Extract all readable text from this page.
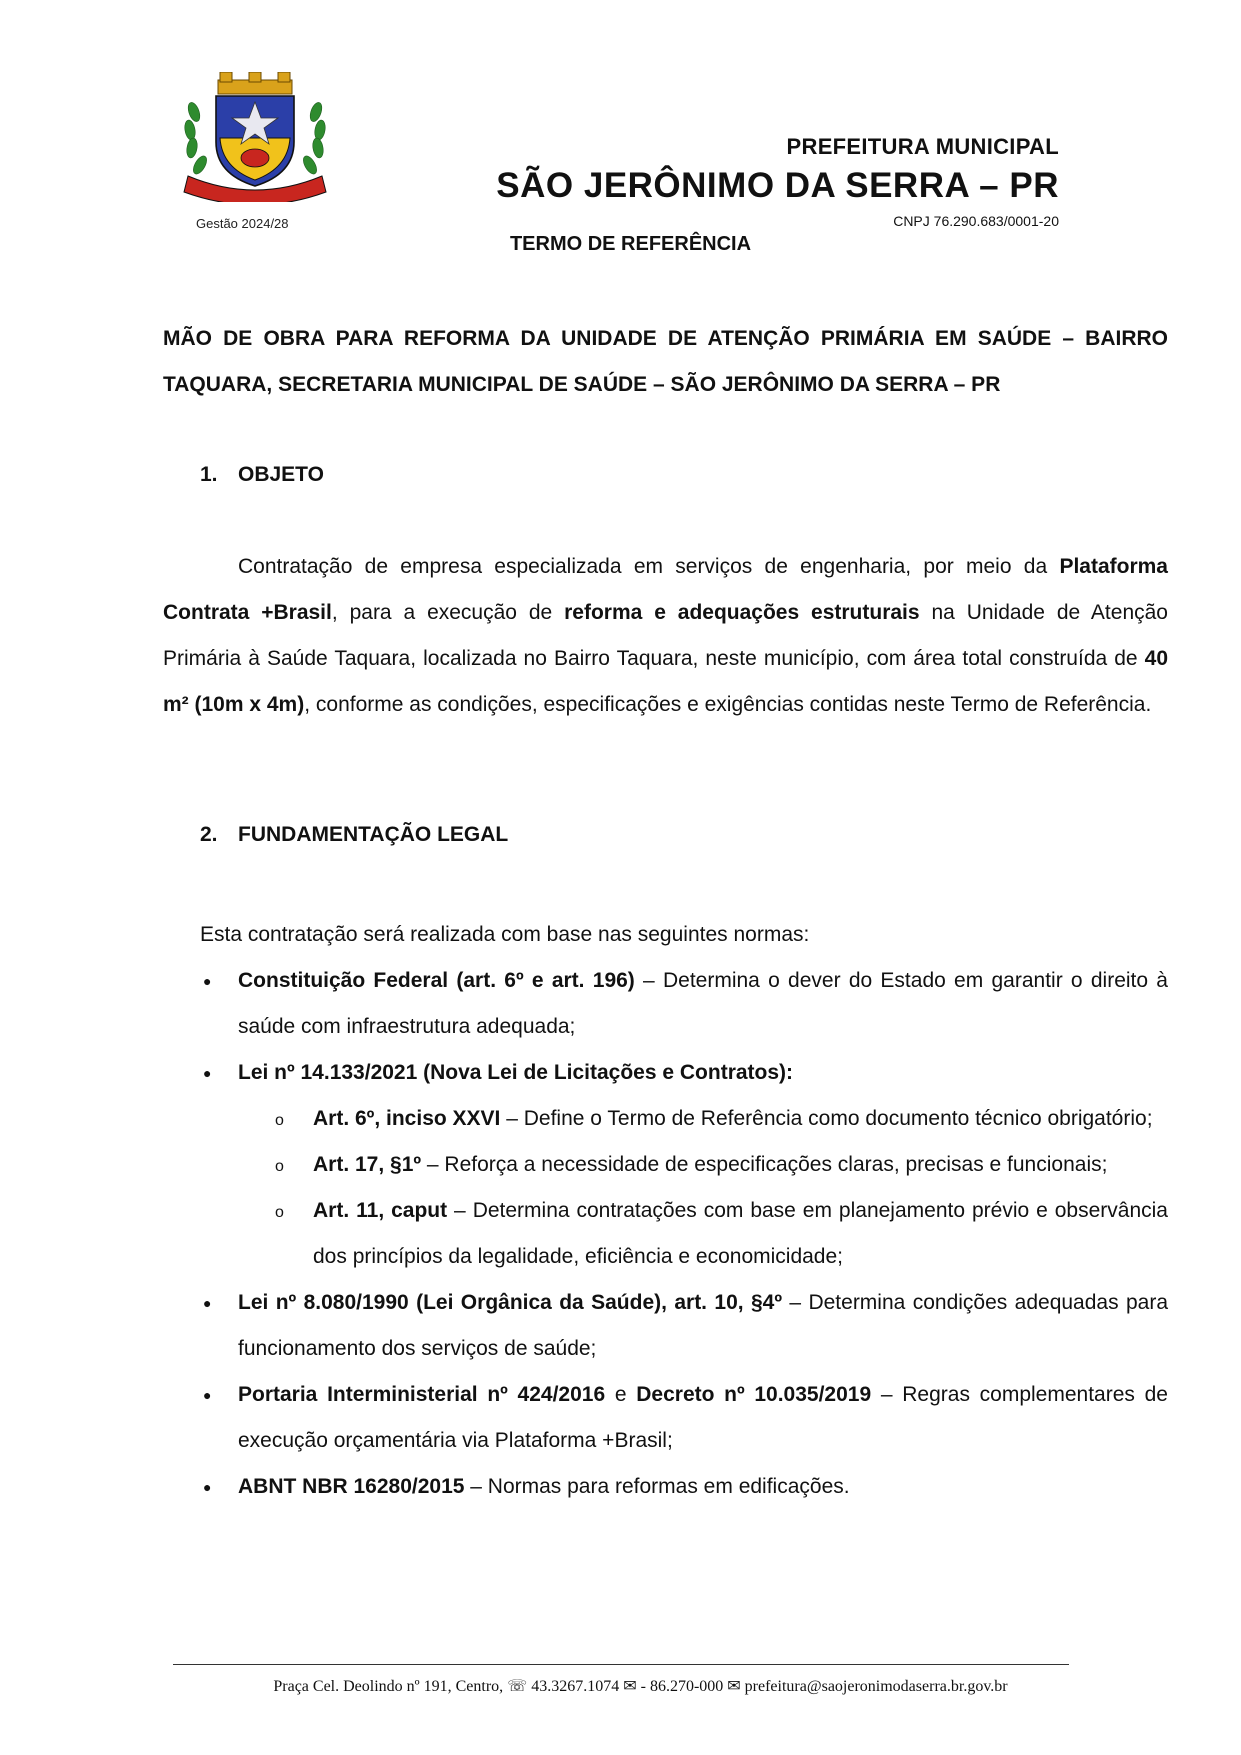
Gestão 2024/28
PREFEITURA MUNICIPAL
SÃO JERÔNIMO DA SERRA – PR
CNPJ 76.290.683/0001-20
TERMO DE REFERÊNCIA
MÃO DE OBRA PARA REFORMA DA UNIDADE DE ATENÇÃO PRIMÁRIA EM SAÚDE – BAIRRO TAQUARA, SECRETARIA MUNICIPAL DE SAÚDE – SÃO JERÔNIMO DA SERRA – PR
1. OBJETO
Contratação de empresa especializada em serviços de engenharia, por meio da Plataforma Contrata +Brasil, para a execução de reforma e adequações estruturais na Unidade de Atenção Primária à Saúde Taquara, localizada no Bairro Taquara, neste município, com área total construída de 40 m² (10m x 4m), conforme as condições, especificações e exigências contidas neste Termo de Referência.
2. FUNDAMENTAÇÃO LEGAL
Esta contratação será realizada com base nas seguintes normas:
● Constituição Federal (art. 6º e art. 196) – Determina o dever do Estado em garantir o direito à saúde com infraestrutura adequada;
● Lei nº 14.133/2021 (Nova Lei de Licitações e Contratos):
o Art. 6º, inciso XXVI – Define o Termo de Referência como documento técnico obrigatório;
o Art. 17, §1º – Reforça a necessidade de especificações claras, precisas e funcionais;
o Art. 11, caput – Determina contratações com base em planejamento prévio e observância dos princípios da legalidade, eficiência e economicidade;
● Lei nº 8.080/1990 (Lei Orgânica da Saúde), art. 10, §4º – Determina condições adequadas para funcionamento dos serviços de saúde;
● Portaria Interministerial nº 424/2016 e Decreto nº 10.035/2019 – Regras complementares de execução orçamentária via Plataforma +Brasil;
● ABNT NBR 16280/2015 – Normas para reformas em edificações.
Praça Cel. Deolindo nº 191, Centro, ☏ 43.3267.1074 ✉ - 86.270-000 ✉ prefeitura@saojeronimodaserra.br.gov.br
